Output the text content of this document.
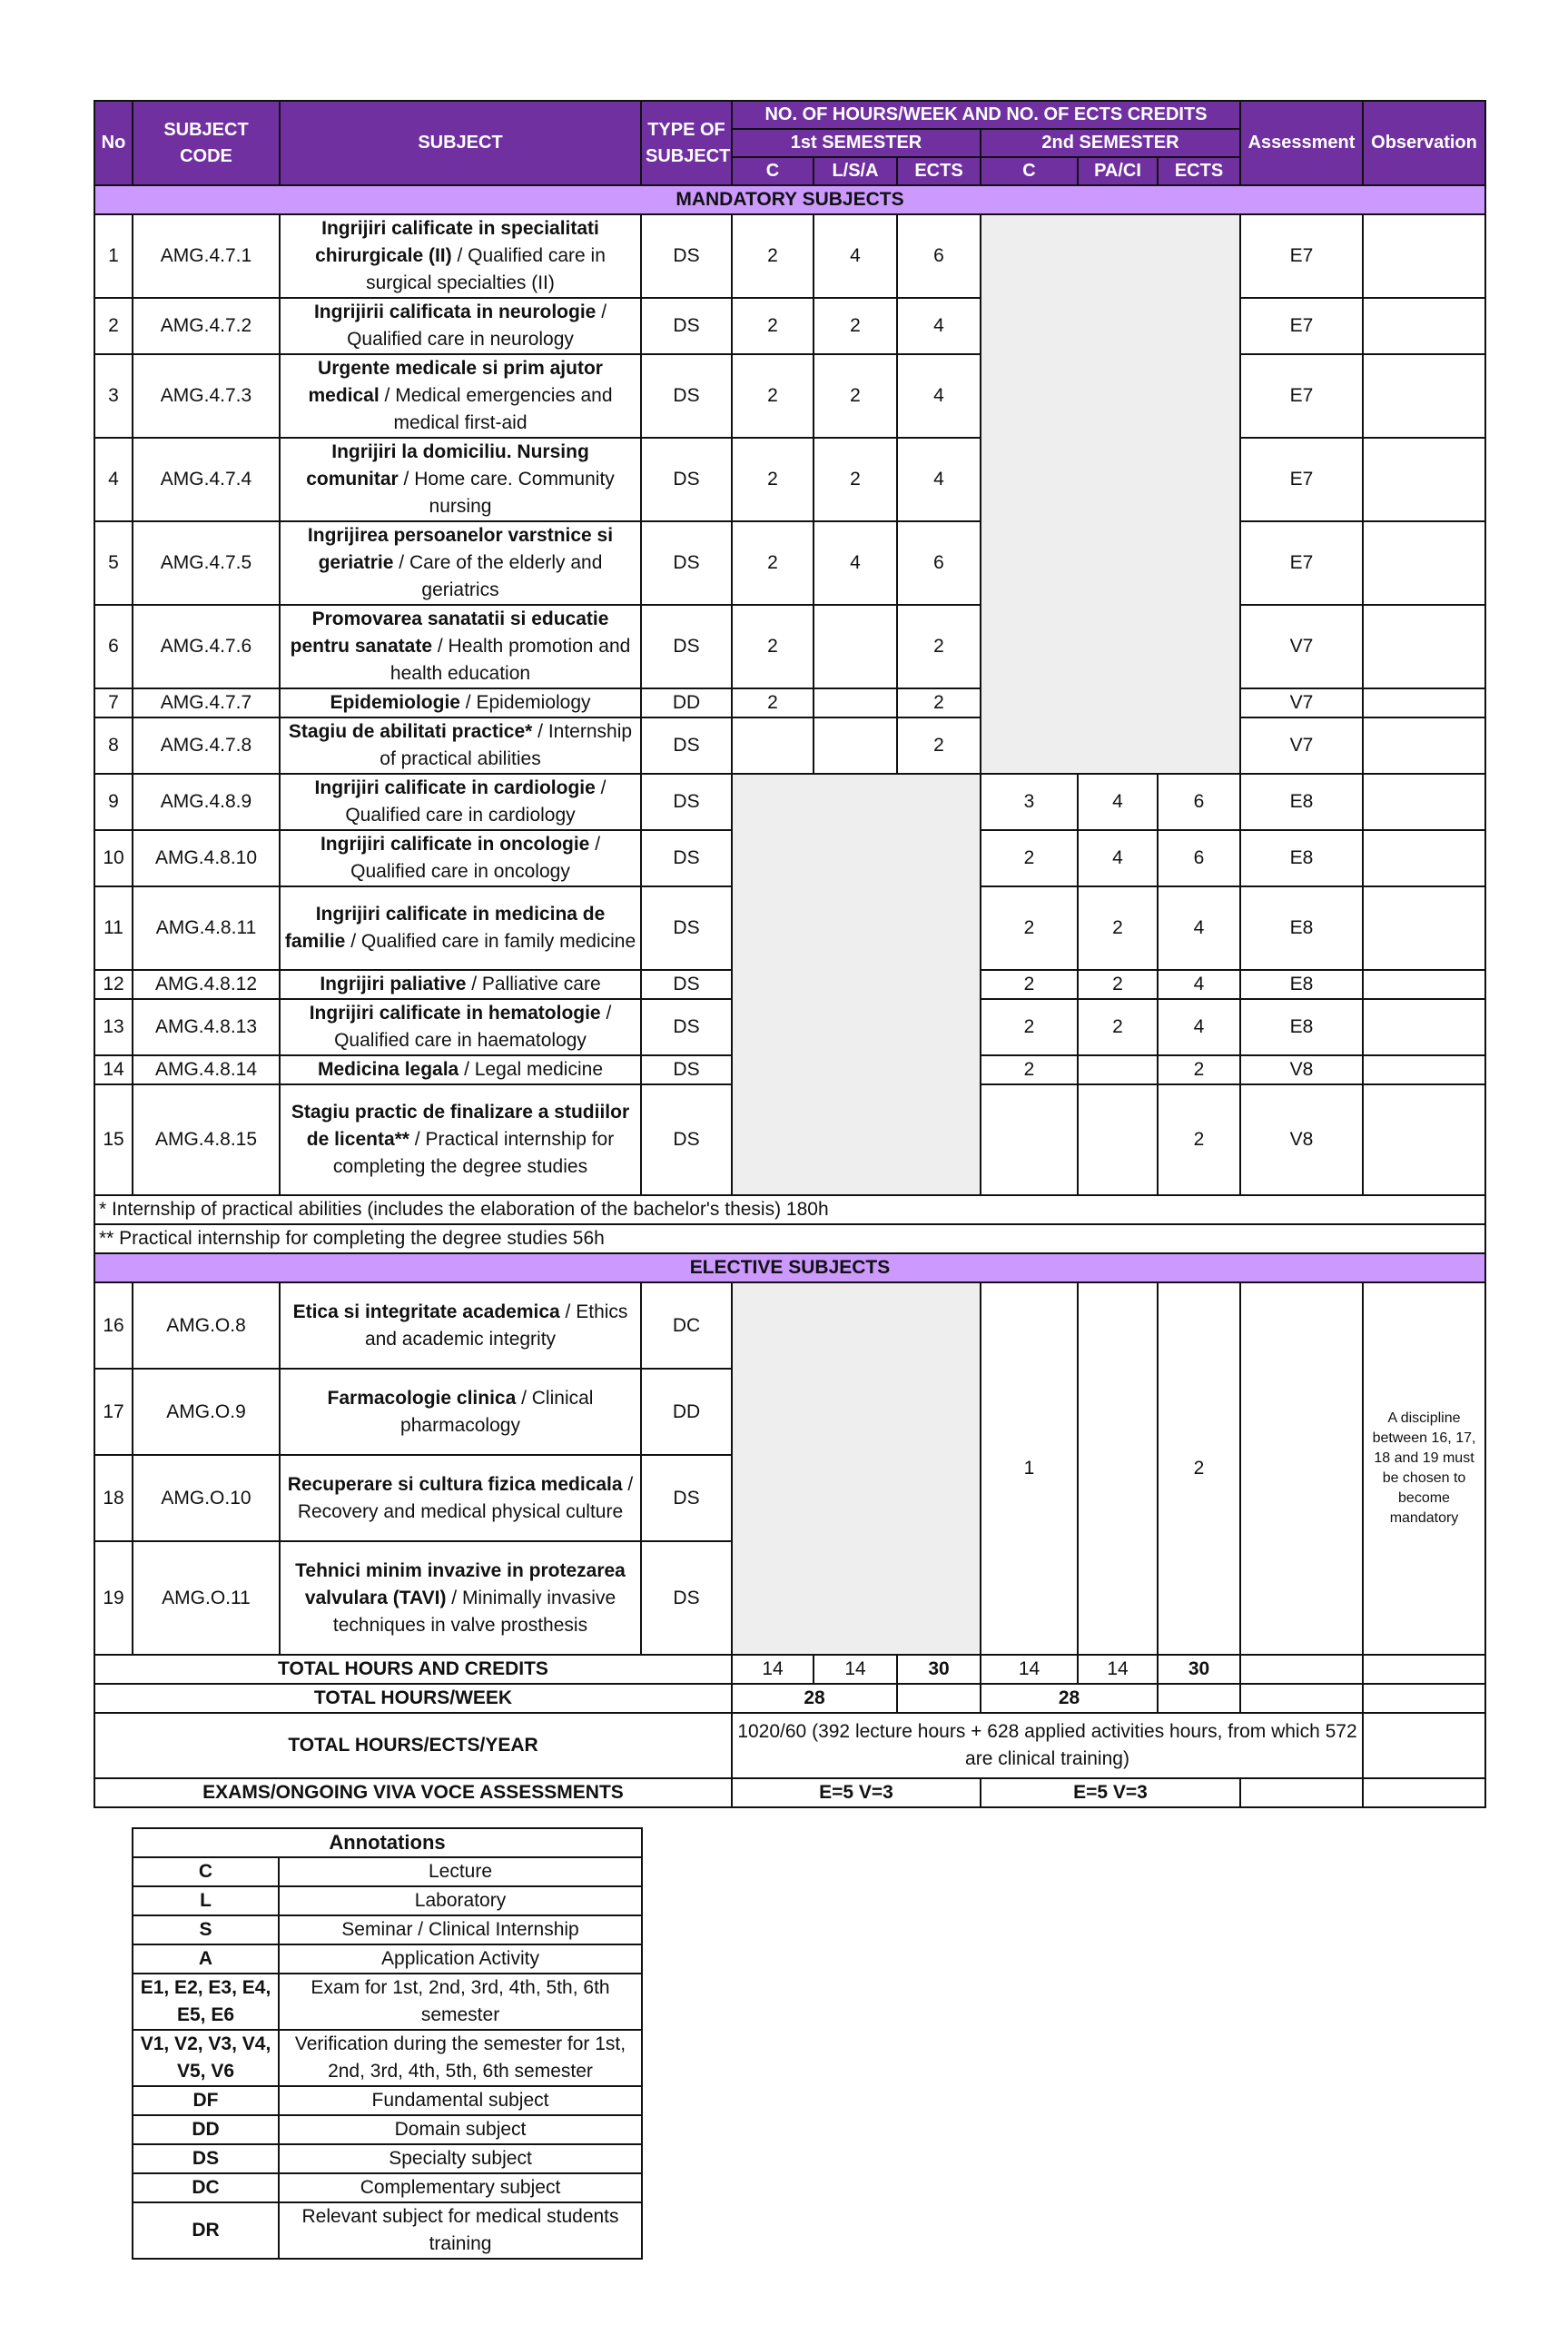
No	SUBJECT CODE	SUBJECT	TYPE OF SUBJECT	NO. OF HOURS/WEEK AND NO. OF ECTS CREDITS						Assessment	Observation
				1st SEMESTER			2nd SEMESTER				
				C	L/S/A	ECTS	C	PA/CI	ECTS		
MANDATORY SUBJECTS											
1	AMG.4.7.1	Ingrijiri calificate in specialitati chirurgicale (II) / Qualified care in surgical specialties (II)	DS	2	4	6				E7	
2	AMG.4.7.2	Ingrijirii calificata in neurologie / Qualified care in neurology	DS	2	2	4				E7	
3	AMG.4.7.3	Urgente medicale si prim ajutor medical / Medical emergencies and medical first-aid	DS	2	2	4				E7	
4	AMG.4.7.4	Ingrijiri la domiciliu. Nursing comunitar / Home care. Community nursing	DS	2	2	4				E7	
5	AMG.4.7.5	Ingrijirea persoanelor varstnice si geriatrie / Care of the elderly and geriatrics	DS	2	4	6				E7	
6	AMG.4.7.6	Promovarea sanatatii si educatie pentru sanatate / Health promotion and health education	DS	2		2				V7	
7	AMG.4.7.7	Epidemiologie / Epidemiology	DD	2		2				V7	
8	AMG.4.7.8	Stagiu de abilitati practice* / Internship of practical abilities	DS			2				V7	
9	AMG.4.8.9	Ingrijiri calificate in cardiologie / Qualified care in cardiology	DS				3	4	6	E8	
10	AMG.4.8.10	Ingrijiri calificate in oncologie / Qualified care in oncology	DS				2	4	6	E8	
11	AMG.4.8.11	Ingrijiri calificate in medicina de familie / Qualified care in family medicine	DS				2	2	4	E8	
12	AMG.4.8.12	Ingrijiri paliative / Palliative care	DS				2	2	4	E8	
13	AMG.4.8.13	Ingrijiri calificate in hematologie / Qualified care in haematology	DS				2	2	4	E8	
14	AMG.4.8.14	Medicina legala / Legal medicine	DS				2		2	V8	
15	AMG.4.8.15	Stagiu practic de finalizare a studiilor de licenta** / Practical internship for completing the degree studies	DS						2	V8	
* Internship of practical abilities (includes the elaboration of the bachelor's thesis) 180h											
** Practical internship for completing the degree studies 56h											
ELECTIVE SUBJECTS											
16	AMG.O.8	Etica si integritate academica / Ethics and academic integrity	DC				1		2		A discipline between 16, 17, 18 and 19 must be chosen to become mandatory
17	AMG.O.9	Farmacologie clinica / Clinical pharmacology	DD								
18	AMG.O.10	Recuperare si cultura fizica medicala / Recovery and medical physical culture	DS								
19	AMG.O.11	Tehnici minim invazive in protezarea valvulara (TAVI) / Minimally invasive techniques in valve prosthesis	DS								
TOTAL HOURS AND CREDITS				14	14	30	14	14	30		
TOTAL HOURS/WEEK				28			28				
TOTAL HOURS/ECTS/YEAR				1020/60 (392 lecture hours + 628 applied activities hours, from which 572 are clinical training)							
EXAMS/ONGOING VIVA VOCE ASSESSMENTS				E=5 V=3			E=5 V=3				
Annotations	
C	Lecture
L	Laboratory
S	Seminar / Clinical Internship
A	Application Activity
E1, E2, E3, E4, E5, E6	Exam for 1st, 2nd, 3rd, 4th, 5th, 6th semester
V1, V2, V3, V4, V5, V6	Verification during the semester for 1st, 2nd, 3rd, 4th, 5th, 6th semester
DF	Fundamental subject
DD	Domain subject
DS	Specialty subject
DC	Complementary subject
DR	Relevant subject for medical students training
